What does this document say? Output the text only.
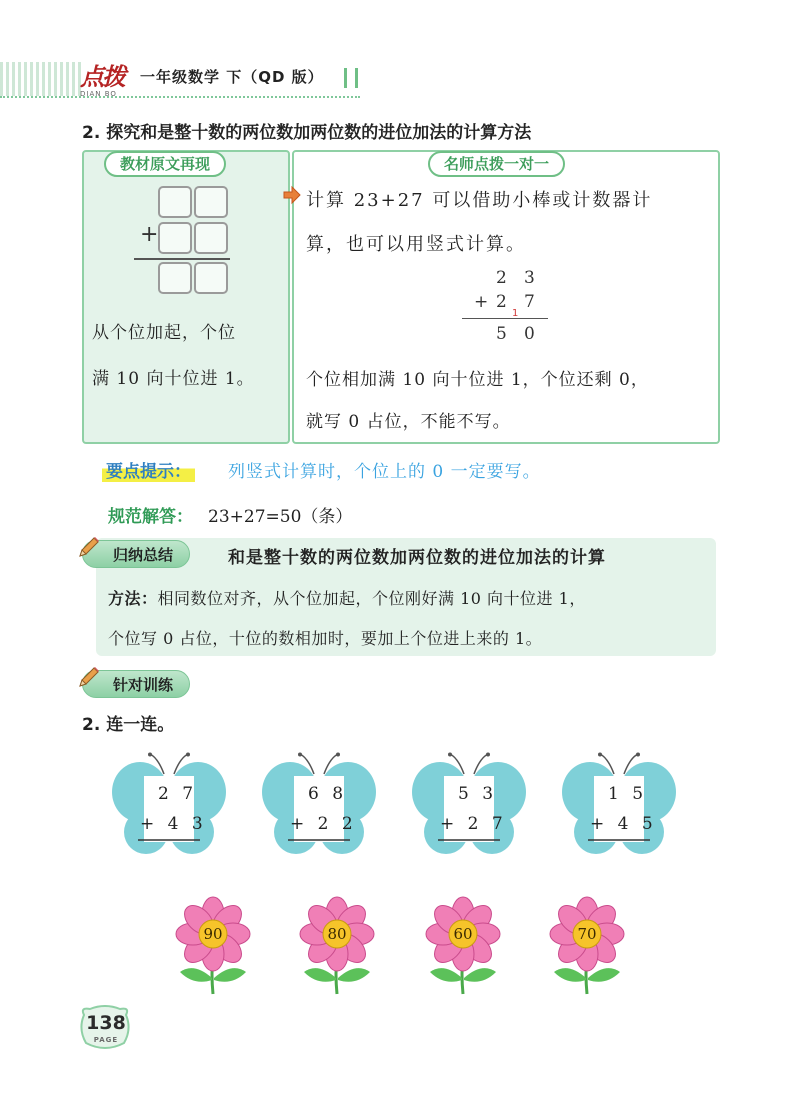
点拨
DIAN BO
一年级数学 下（QD 版）
2. 探究和是整十数的两位数加两位数的进位加法的计算方法
教材原文再现	名师点拨一对一
+
从个位加起，个位
满 10 向十位进 1。
计算 23+27 可以借助小棒或计数器计
算，也可以用竖式计算。
2 3
+ 2 7
1
5 0
个位相加满 10 向十位进 1，个位还剩 0，
就写 0 占位，不能不写。
要点提示： 列竖式计算时，个位上的 0 一定要写。
规范解答： 23+27=50（条）
归纳总结	和是整十数的两位数加两位数的进位加法的计算
方法：相同数位对齐，从个位加起，个位刚好满 10 向十位进 1，
个位写 0 占位，十位的数相加时，要加上个位进上来的 1。
针对训练
2. 连一连。
2 7
+ 4 3
6 8
+ 2 2
5 3
+ 2 7
1 5
+ 4 5
90	80	60	70
138
PAGE
